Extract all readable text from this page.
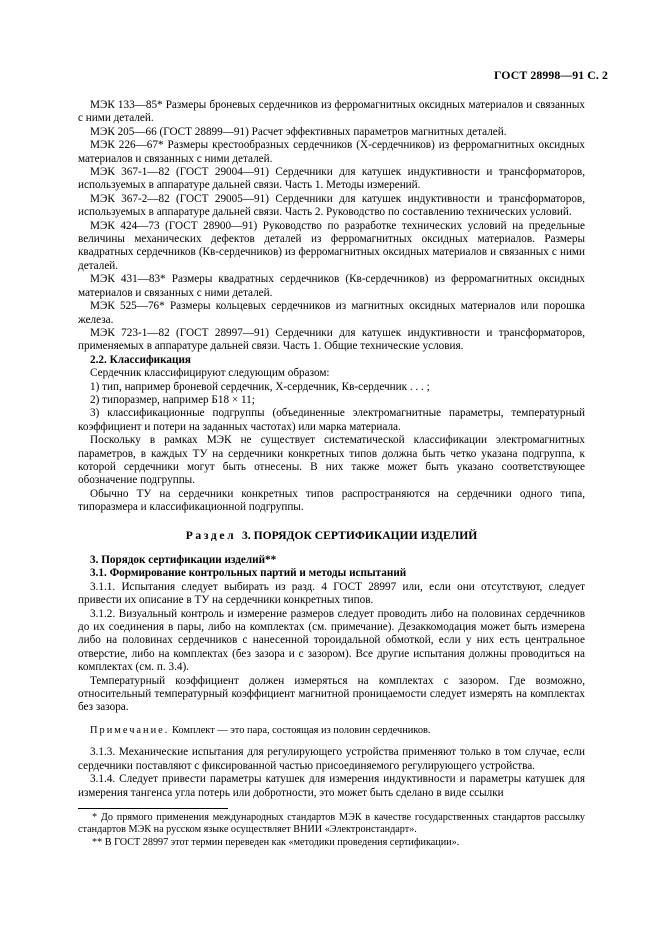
ГОСТ 28998—91 С. 2

МЭК 133—85* Размеры броневых сердечников из ферромагнитных оксидных материалов и связанных с ними деталей.

МЭК 205—66 (ГОСТ 28899—91) Расчет эффективных параметров магнитных деталей.

МЭК 226—67* Размеры крестообразных сердечников (X-сердечников) из ферромагнитных оксидных материалов и связанных с ними деталей.

МЭК 367-1—82 (ГОСТ 29004—91) Сердечники для катушек индуктивности и трансформаторов, используемых в аппаратуре дальней связи. Часть 1. Методы измерений.

МЭК 367-2—82 (ГОСТ 29005—91) Сердечники для катушек индуктивности и трансформаторов, используемых в аппаратуре дальней связи. Часть 2. Руководство по составлению технических условий.

МЭК 424—73 (ГОСТ 28900—91) Руководство по разработке технических условий на предельные величины механических дефектов деталей из ферромагнитных оксидных материалов. Размеры квадратных сердечников (Кв-сердечников) из ферромагнитных оксидных материалов и связанных с ними деталей.

МЭК 431—83* Размеры квадратных сердечников (Кв-сердечников) из ферромагнитных оксидных материалов и связанных с ними деталей.

МЭК 525—76* Размеры кольцевых сердечников из магнитных оксидных материалов или порошка железа.

МЭК 723-1—82 (ГОСТ 28997—91) Сердечники для катушек индуктивности и трансформаторов, применяемых в аппаратуре дальней связи. Часть 1. Общие технические условия.

2.2. Классификация

Сердечник классифицируют следующим образом:

1) тип, например броневой сердечник, X-сердечник, Кв-сердечник . . . ;

2) типоразмер, например Б18 × 11;

3) классификационные подгруппы (объединенные электромагнитные параметры, температурный коэффициент и потери на заданных частотах) или марка материала.

Поскольку в рамках МЭК не существует систематической классификации электромагнитных параметров, в каждых ТУ на сердечники конкретных типов должна быть четко указана подгруппа, к которой сердечники могут быть отнесены. В них также может быть указано соответствующее обозначение подгруппы.

Обычно ТУ на сердечники конкретных типов распространяются на сердечники одного типа, типоразмера и классификационной подгруппы.

Раздел 3. ПОРЯДОК СЕРТИФИКАЦИИ ИЗДЕЛИЙ

3. Порядок сертификации изделий**

3.1. Формирование контрольных партий и методы испытаний

3.1.1. Испытания следует выбирать из разд. 4 ГОСТ 28997 или, если они отсутствуют, следует привести их описание в ТУ на сердечники конкретных типов.

3.1.2. Визуальный контроль и измерение размеров следует проводить либо на половинах сердечников до их соединения в пары, либо на комплектах (см. примечание). Дезаккомодация может быть измерена либо на половинах сердечников с нанесенной тороидальной обмоткой, если у них есть центральное отверстие, либо на комплектах (без зазора и с зазором). Все другие испытания должны проводиться на комплектах (см. п. 3.4).

Температурный коэффициент должен измеряться на комплектах с зазором. Где возможно, относительный температурный коэффициент магнитной проницаемости следует измерять на комплектах без зазора.

Примечание. Комплект — это пара, состоящая из половин сердечников.

3.1.3. Механические испытания для регулирующего устройства применяют только в том случае, если сердечники поставляют с фиксированной частью присоединяемого регулирующего устройства.

3.1.4. Следует привести параметры катушек для измерения индуктивности и параметры катушек для измерения тангенса угла потерь или добротности, это может быть сделано в виде ссылки

* До прямого применения международных стандартов МЭК в качестве государственных стандартов рассылку стандартов МЭК на русском языке осуществляет ВНИИ «Электронстандарт».

** В ГОСТ 28997 этот термин переведен как «методики проведения сертификации».
